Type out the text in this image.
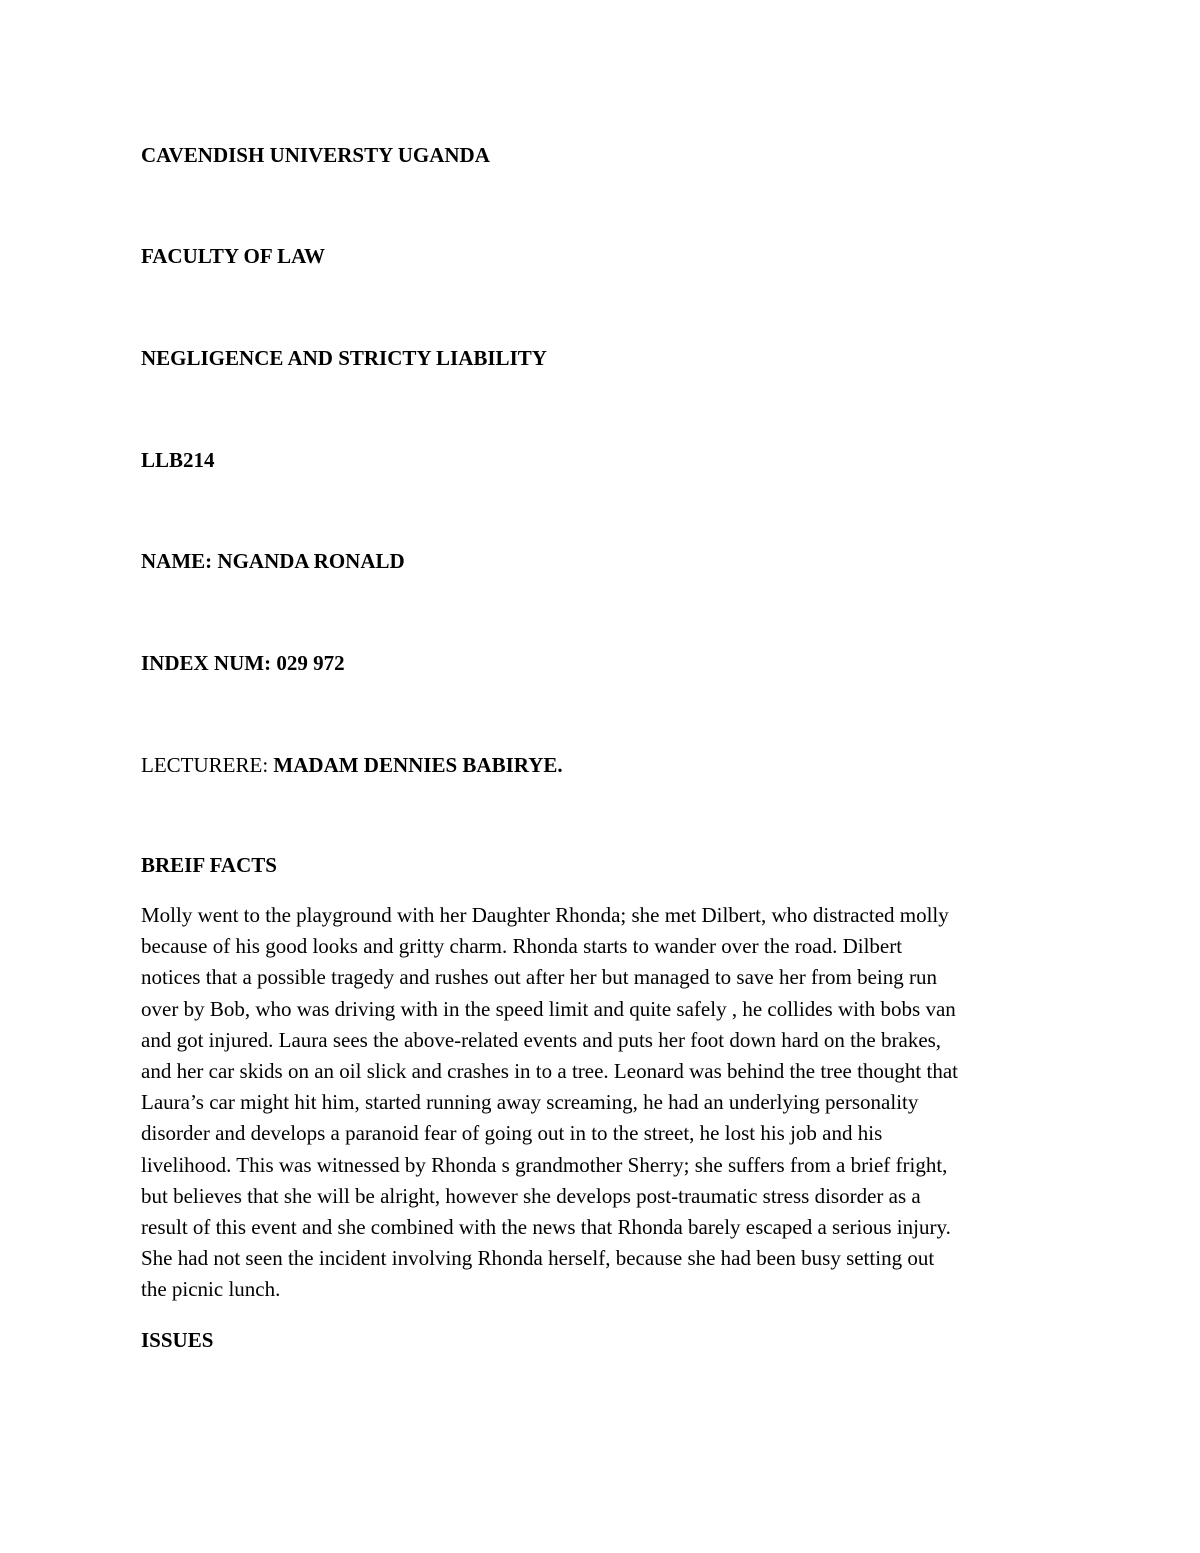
CAVENDISH UNIVERSTY UGANDA
FACULTY OF LAW
NEGLIGENCE AND STRICTY LIABILITY
LLB214
NAME: NGANDA RONALD
INDEX NUM: 029 972
LECTURERE: MADAM DENNIES BABIRYE.
BREIF FACTS

Molly went to the playground with her Daughter Rhonda; she met Dilbert, who distracted molly
because of his good looks and gritty charm. Rhonda starts to wander over the road. Dilbert
notices that a possible tragedy and rushes out after her but managed to save her from being run
over by Bob, who was driving with in the speed limit and quite safely , he collides with bobs van
and got injured. Laura sees the above-related events and puts her foot down hard on the brakes,
and her car skids on an oil slick and crashes in to a tree. Leonard was behind the tree thought that
Laura’s car might hit him, started running away screaming, he had an underlying personality
disorder and develops a paranoid fear of going out in to the street, he lost his job and his
livelihood. This was witnessed by Rhonda s grandmother Sherry; she suffers from a brief fright,
but believes that she will be alright, however she develops post-traumatic stress disorder as a
result of this event and she combined with the news that Rhonda barely escaped a serious injury.
She had not seen the incident involving Rhonda herself, because she had been busy setting out
the picnic lunch.

ISSUES
